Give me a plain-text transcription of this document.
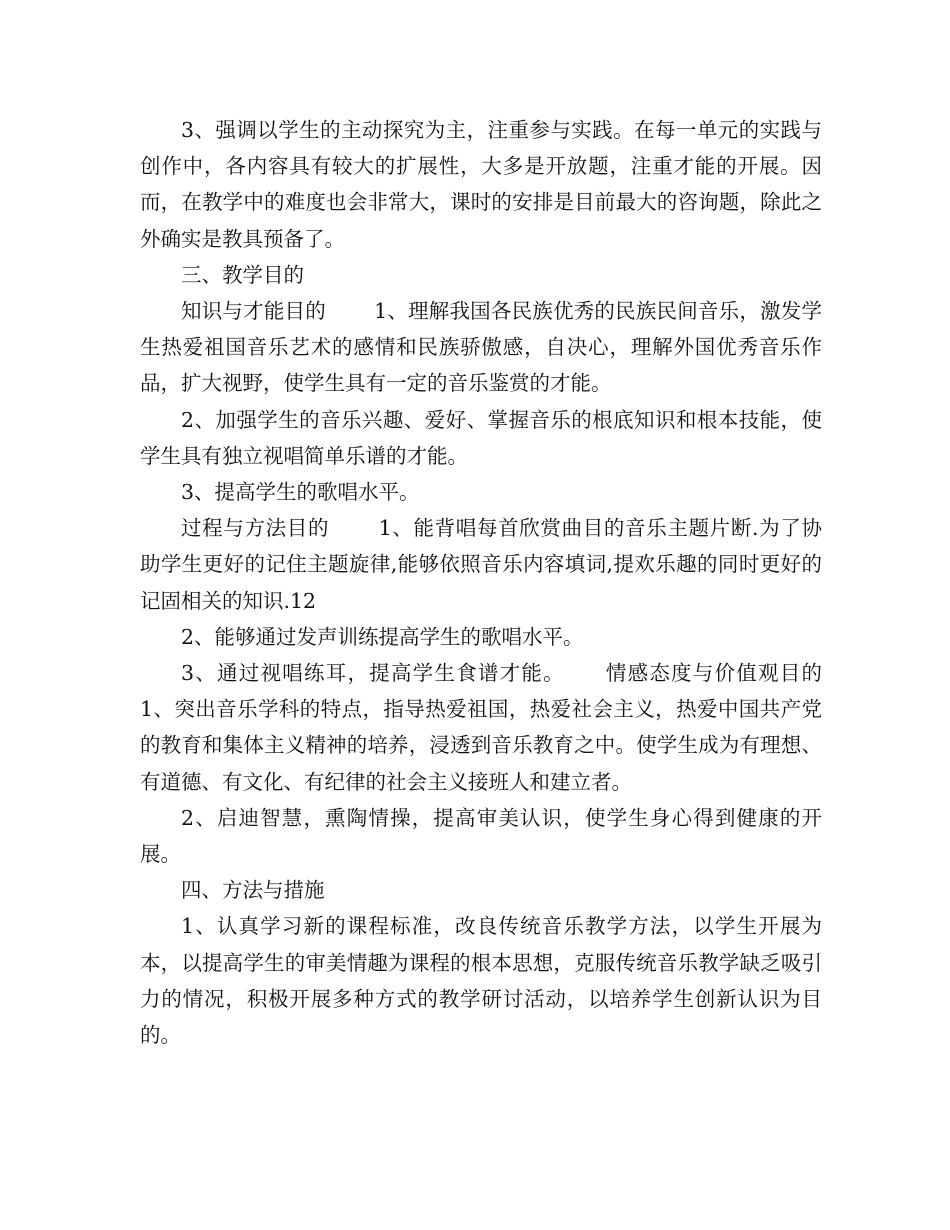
3、强调以学生的主动探究为主，注重参与实践。在每一单元的实践与创作中，各内容具有较大的扩展性，大多是开放题，注重才能的开展。因而，在教学中的难度也会非常大，课时的安排是目前最大的咨询题，除此之外确实是教具预备了。

三、教学目的

知识与才能目的　　 1、理解我国各民族优秀的民族民间音乐，激发学生热爱祖国音乐艺术的感情和民族骄傲感，自决心，理解外国优秀音乐作品，扩大视野，使学生具有一定的音乐鉴赏的才能。

2、加强学生的音乐兴趣、爱好、掌握音乐的根底知识和根本技能，使学生具有独立视唱简单乐谱的才能。

3、提高学生的歌唱水平。

过程与方法目的　　 1、能背唱每首欣赏曲目的音乐主题片断.为了协助学生更好的记住主题旋律,能够依照音乐内容填词,提欢乐趣的同时更好的记固相关的知识.12

2、能够通过发声训练提高学生的歌唱水平。

3、通过视唱练耳，提高学生食谱才能。　　 情感态度与价值观目的　　 1、突出音乐学科的特点，指导热爱祖国，热爱社会主义，热爱中国共产党的教育和集体主义精神的培养，浸透到音乐教育之中。使学生成为有理想、有道德、有文化、有纪律的社会主义接班人和建立者。

2、启迪智慧，熏陶情操，提高审美认识，使学生身心得到健康的开展。

四、方法与措施

1、认真学习新的课程标准，改良传统音乐教学方法，以学生开展为本，以提高学生的审美情趣为课程的根本思想，克服传统音乐教学缺乏吸引力的情况，积极开展多种方式的教学研讨活动，以培养学生创新认识为目的。
